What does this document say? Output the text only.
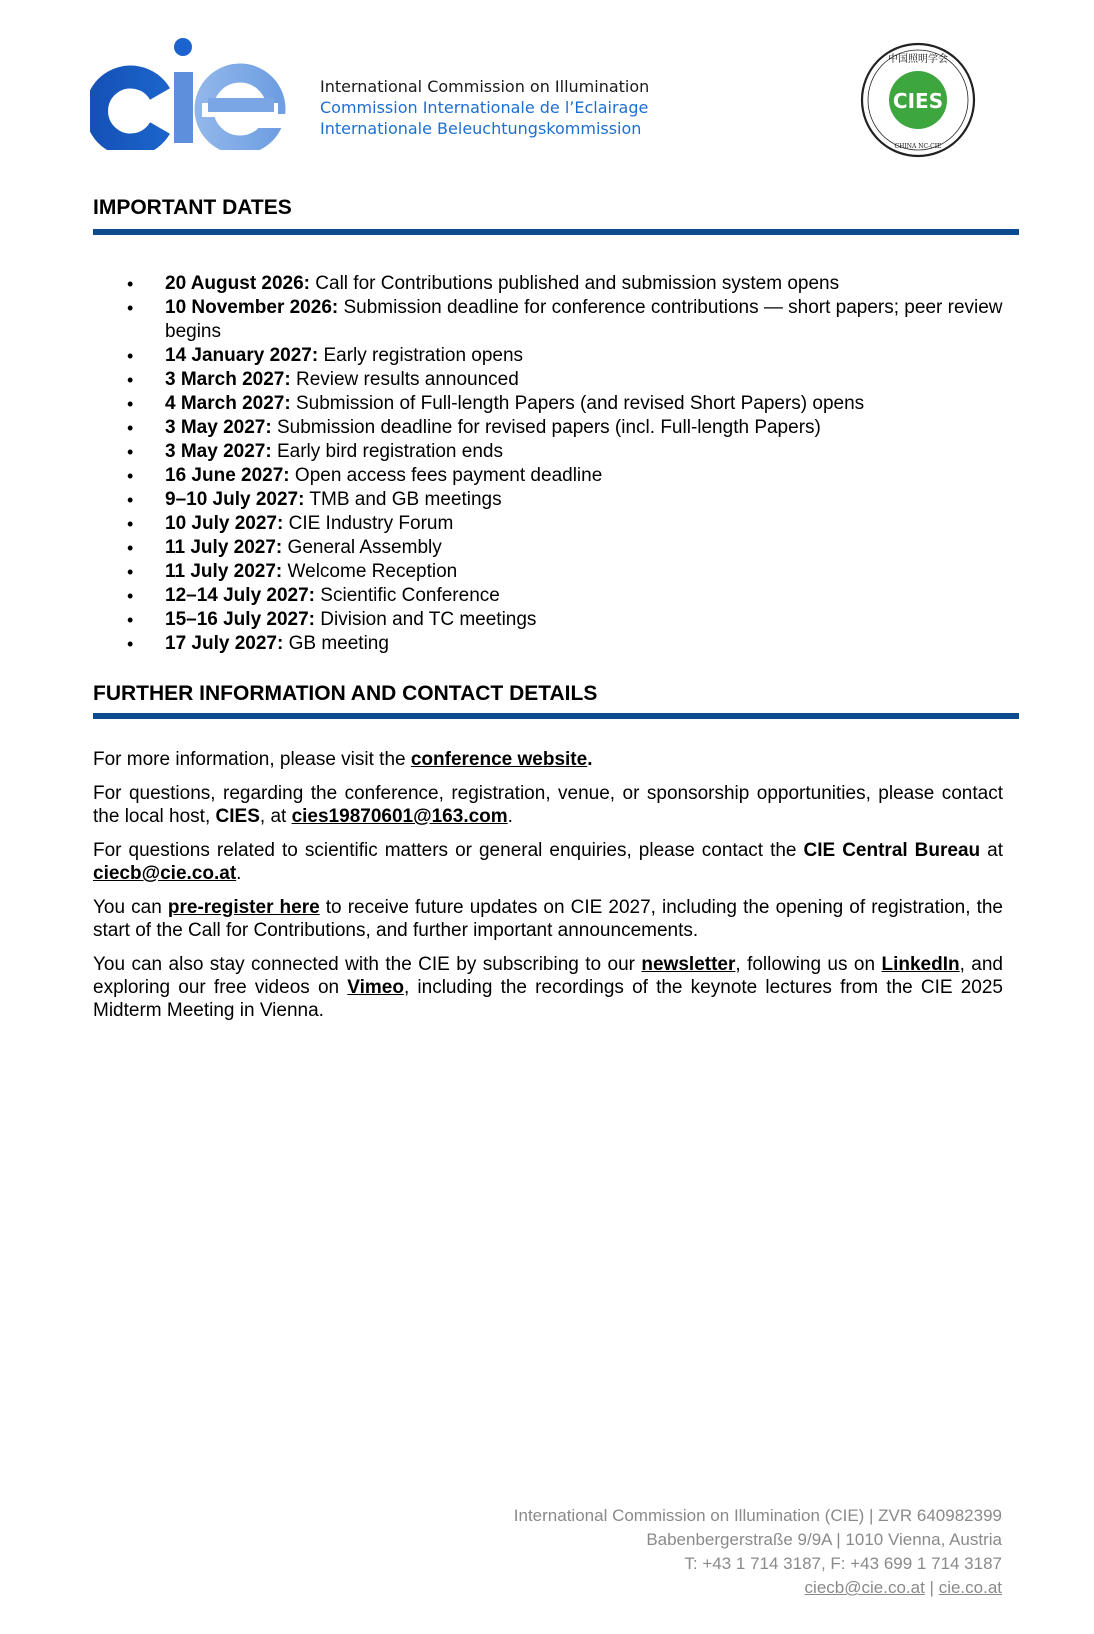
cie
International Commission on Illumination
Commission Internationale de l’Eclairage
Internationale Beleuchtungskommission
CIES
中国照明学会
CHINA NC-CIE
CHINA ILLUMINATING ENGINEERING SOCIETY
IMPORTANT DATES
• 20 August 2026: Call for Contributions published and submission system opens
• 10 November 2026: Submission deadline for conference contributions — short papers; peer review begins
• 14 January 2027: Early registration opens
• 3 March 2027: Review results announced
• 4 March 2027: Submission of Full-length Papers (and revised Short Papers) opens
• 3 May 2027: Submission deadline for revised papers (incl. Full-length Papers)
• 3 May 2027: Early bird registration ends
• 16 June 2027: Open access fees payment deadline
• 9–10 July 2027: TMB and GB meetings
• 10 July 2027: CIE Industry Forum
• 11 July 2027: General Assembly
• 11 July 2027: Welcome Reception
• 12–14 July 2027: Scientific Conference
• 15–16 July 2027: Division and TC meetings
• 17 July 2027: GB meeting
FURTHER INFORMATION AND CONTACT DETAILS

For more information, please visit the conference website.

For questions, regarding the conference, registration, venue, or sponsorship opportunities, please contact the local host, CIES, at cies19870601@163.com.

For questions related to scientific matters or general enquiries, please contact the CIE Central Bureau at ciecb@cie.co.at.

You can pre-register here to receive future updates on CIE 2027, including the opening of registration, the start of the Call for Contributions, and further important announcements.

You can also stay connected with the CIE by subscribing to our newsletter, following us on LinkedIn, and exploring our free videos on Vimeo, including the recordings of the keynote lectures from the CIE 2025 Midterm Meeting in Vienna.

International Commission on Illumination (CIE) | ZVR 640982399
Babenbergerstraße 9/9A | 1010 Vienna, Austria
T: +43 1 714 3187, F: +43 699 1 714 3187
ciecb@cie.co.at | cie.co.at
